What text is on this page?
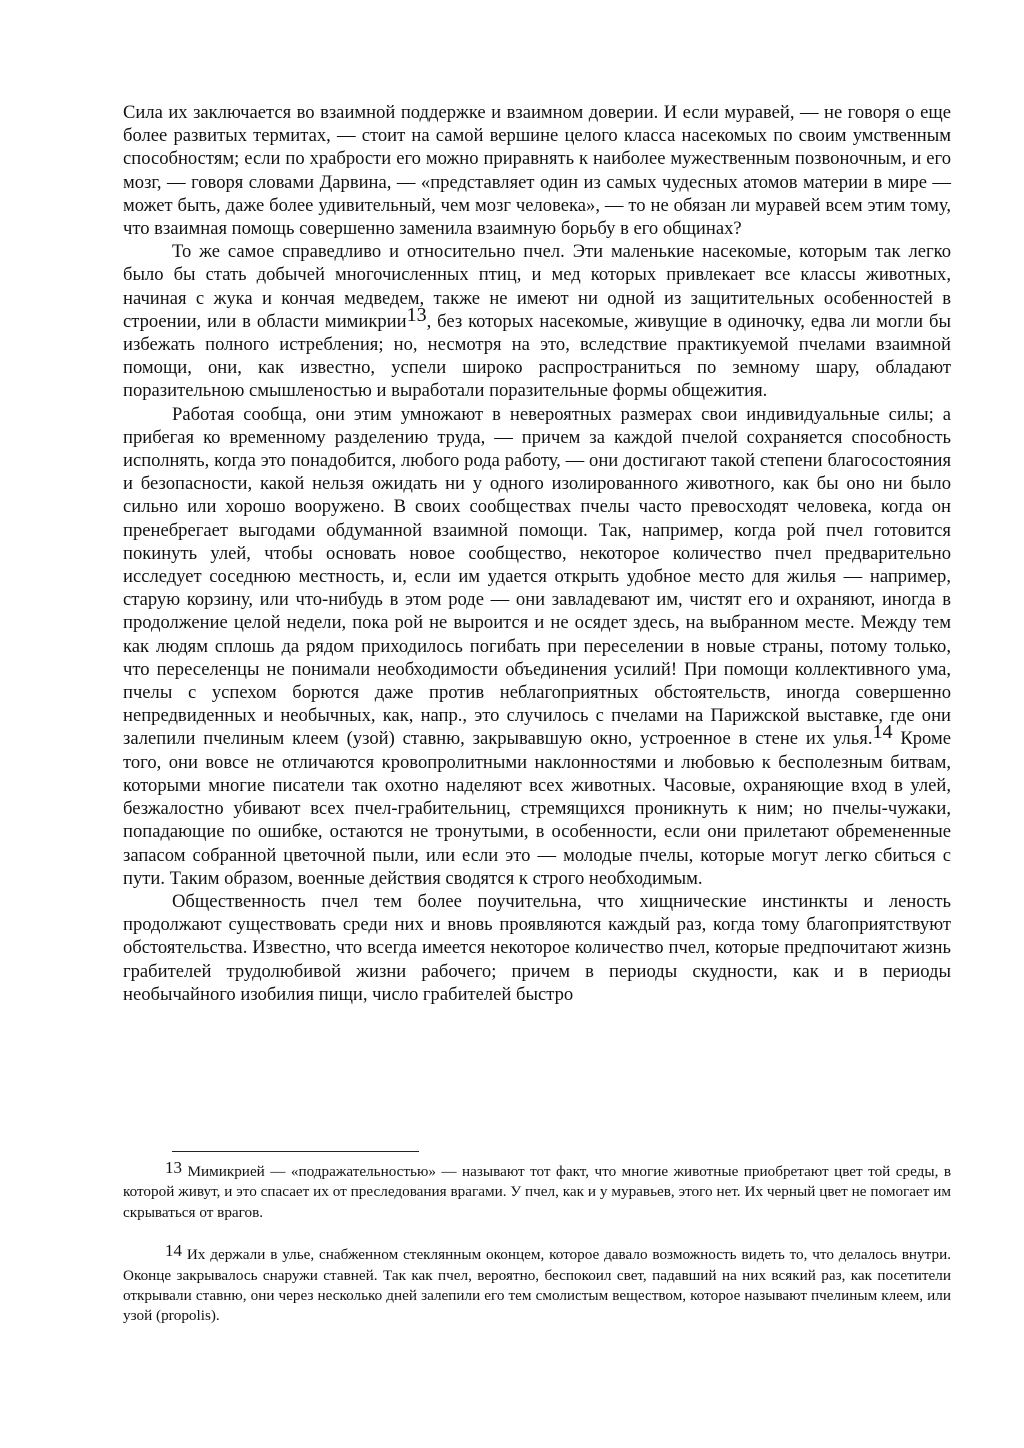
Сила их заключается во взаимной поддержке и взаимном доверии. И если муравей, — не говоря о еще более развитых термитах, — стоит на самой вершине целого класса насекомых по своим умственным способностям; если по храбрости его можно приравнять к наиболее мужественным позвоночным, и его мозг, — говоря словами Дарвина, — «представляет один из самых чудесных атомов материи в мире — может быть, даже более удивительный, чем мозг человека», — то не обязан ли муравей всем этим тому, что взаимная помощь совершенно заменила взаимную борьбу в его общинах?

То же самое справедливо и относительно пчел. Эти маленькие насекомые, которым так легко было бы стать добычей многочисленных птиц, и мед которых привлекает все классы животных, начиная с жука и кончая медведем, также не имеют ни одной из защитительных особенностей в строении, или в области мимикрии$^{13}$, без которых насекомые, живущие в одиночку, едва ли могли бы избежать полного истребления; но, несмотря на это, вследствие практикуемой пчелами взаимной помощи, они, как известно, успели широко распространиться по земному шару, обладают поразительною смышленостью и выработали поразительные формы общежития.

Работая сообща, они этим умножают в невероятных размерах свои индивидуальные силы; а прибегая ко временному разделению труда, — причем за каждой пчелой сохраняется способность исполнять, когда это понадобится, любого рода работу, — они достигают такой степени благосостояния и безопасности, какой нельзя ожидать ни у одного изолированного животного, как бы оно ни было сильно или хорошо вооружено. В своих сообществах пчелы часто превосходят человека, когда он пренебрегает выгодами обдуманной взаимной помощи. Так, например, когда рой пчел готовится покинуть улей, чтобы основать новое сообщество, некоторое количество пчел предварительно исследует соседнюю местность, и, если им удается открыть удобное место для жилья — например, старую корзину, или что-нибудь в этом роде — они завладевают им, чистят его и охраняют, иногда в продолжение целой недели, пока рой не выроится и не осядет здесь, на выбранном месте. Между тем как людям сплошь да рядом приходилось погибать при переселении в новые страны, потому только, что переселенцы не понимали необходимости объединения усилий! При помощи коллективного ума, пчелы с успехом борются даже против неблагоприятных обстоятельств, иногда совершенно непредвиденных и необычных, как, напр., это случилось с пчелами на Парижской выставке, где они залепили пчелиным клеем (узой) ставню, закрывавшую окно, устроенное в стене их улья.$^{14}$ Кроме того, они вовсе не отличаются кровопролитными наклонностями и любовью к бесполезным битвам, которыми многие писатели так охотно наделяют всех животных. Часовые, охраняющие вход в улей, безжалостно убивают всех пчел-грабительниц, стремящихся проникнуть к ним; но пчелы-чужаки, попадающие по ошибке, остаются не тронутыми, в особенности, если они прилетают обремененные запасом собранной цветочной пыли, или если это — молодые пчелы, которые могут легко сбиться с пути. Таким образом, военные действия сводятся к строго необходимым.

Общественность пчел тем более поучительна, что хищнические инстинкты и леность продолжают существовать среди них и вновь проявляются каждый раз, когда тому благоприятствуют обстоятельства. Известно, что всегда имеется некоторое количество пчел, которые предпочитают жизнь грабителей трудолюбивой жизни рабочего; причем в периоды скудности, как и в периоды необычайного изобилия пищи, число грабителей быстро

13 Мимикрией — «подражательностью» — называют тот факт, что многие животные приобретают цвет той среды, в которой живут, и это спасает их от преследования врагами. У пчел, как и у муравьев, этого нет. Их черный цвет не помогает им скрываться от врагов.

14 Их держали в улье, снабженном стеклянным оконцем, которое давало возможность видеть то, что делалось внутри. Оконце закрывалось снаружи ставней. Так как пчел, вероятно, беспокоил свет, падавший на них всякий раз, как посетители открывали ставню, они через несколько дней залепили его тем смолистым веществом, которое называют пчелиным клеем, или узой (propolis).
